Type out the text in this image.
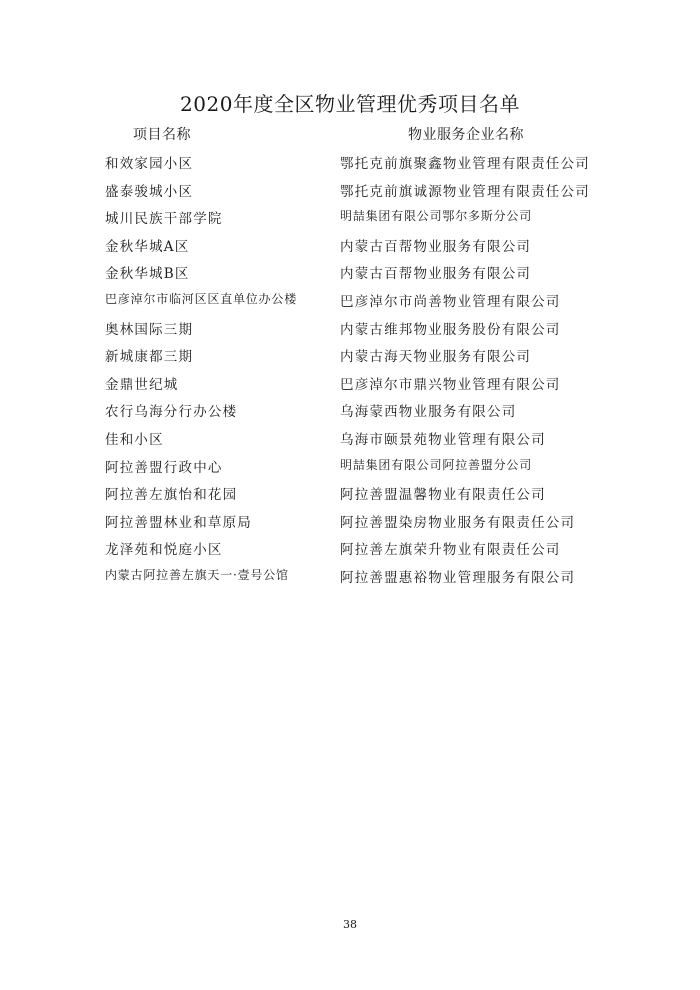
2020年度全区物业管理优秀项目名单
项目名称	物业服务企业名称
和效家园小区	鄂托克前旗聚鑫物业管理有限责任公司
盛泰骏城小区	鄂托克前旗诚源物业管理有限责任公司
城川民族干部学院	明喆集团有限公司鄂尔多斯分公司
金秋华城A区	内蒙古百帮物业服务有限公司
金秋华城B区	内蒙古百帮物业服务有限公司
巴彦淖尔市临河区区直单位办公楼	巴彦淖尔市尚善物业管理有限公司
奥林国际三期	内蒙古维邦物业服务股份有限公司
新城康都三期	内蒙古海天物业服务有限公司
金鼎世纪城	巴彦淖尔市鼎兴物业管理有限公司
农行乌海分行办公楼	乌海蒙西物业服务有限公司
佳和小区	乌海市颐景苑物业管理有限公司
阿拉善盟行政中心	明喆集团有限公司阿拉善盟分公司
阿拉善左旗怡和花园	阿拉善盟温馨物业有限责任公司
阿拉善盟林业和草原局	阿拉善盟染房物业服务有限责任公司
龙泽苑和悦庭小区	阿拉善左旗荣升物业有限责任公司
内蒙古阿拉善左旗天一·壹号公馆	阿拉善盟惠裕物业管理服务有限公司
38
